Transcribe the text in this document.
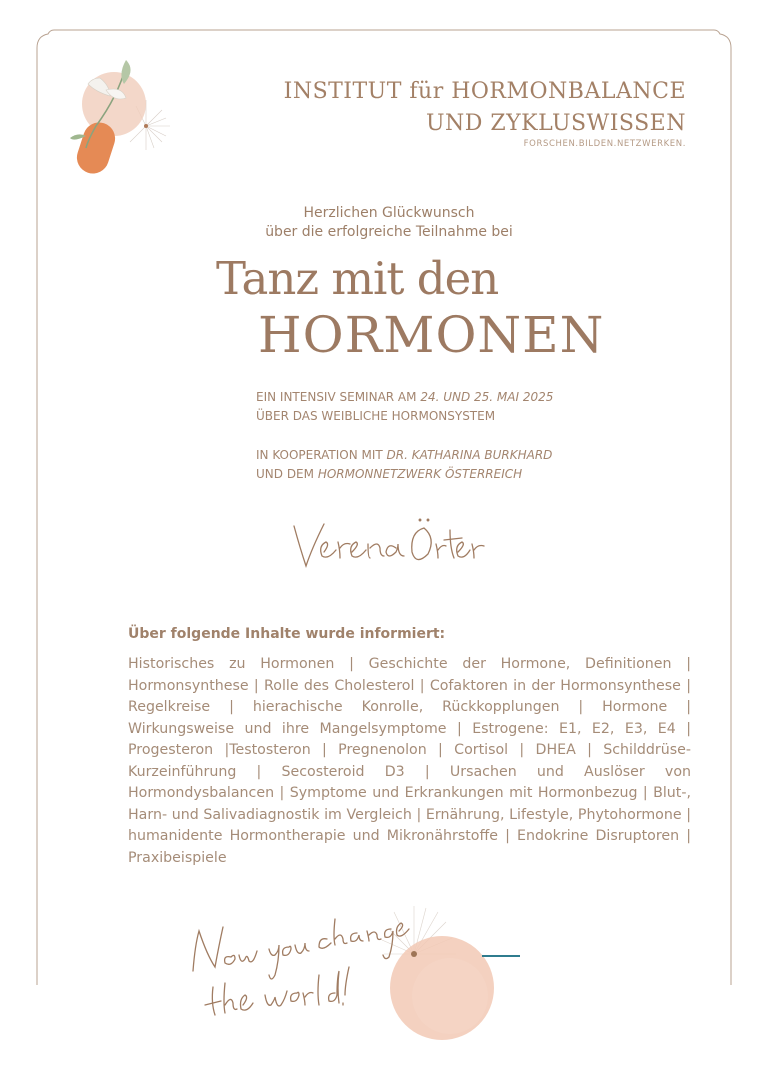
INSTITUT für HORMONBALANCE
UND ZYKLUSWISSEN
FORSCHEN.BILDEN.NETZWERKEN.
Herzlichen Glückwunsch
über die erfolgreiche Teilnahme bei
Tanz mit den
HORMONEN
EIN INTENSIV SEMINAR AM 24. UND 25. MAI 2025
ÜBER DAS WEIBLICHE HORMONSYSTEM
IN KOOPERATION MIT DR. KATHARINA BURKHARD
UND DEM HORMONNETZWERK ÖSTERREICH
Über folgende Inhalte wurde informiert:
Historisches zu Hormonen | Geschichte der Hormone, Definitionen | Hormonsynthese | Rolle des Cholesterol | Cofaktoren in der Hormonsynthese | Regelkreise | hierachische Konrolle, Rückkopplungen | Hormone | Wirkungsweise und ihre Mangelsymptome | Estrogene: E1, E2, E3, E4 | Progesteron |Testosteron | Pregnenolon | Cortisol | DHEA | Schilddrüse-Kurzeinführung | Secosteroid D3 | Ursachen und Auslöser von Hormondysbalancen | Symptome und Erkrankungen mit Hormonbezug | Blut-, Harn- und Salivadiagnostik im Vergleich | Ernährung, Lifestyle, Phytohormone | humanidente Hormontherapie und Mikronährstoffe | Endokrine Disruptoren | Praxibeispiele
